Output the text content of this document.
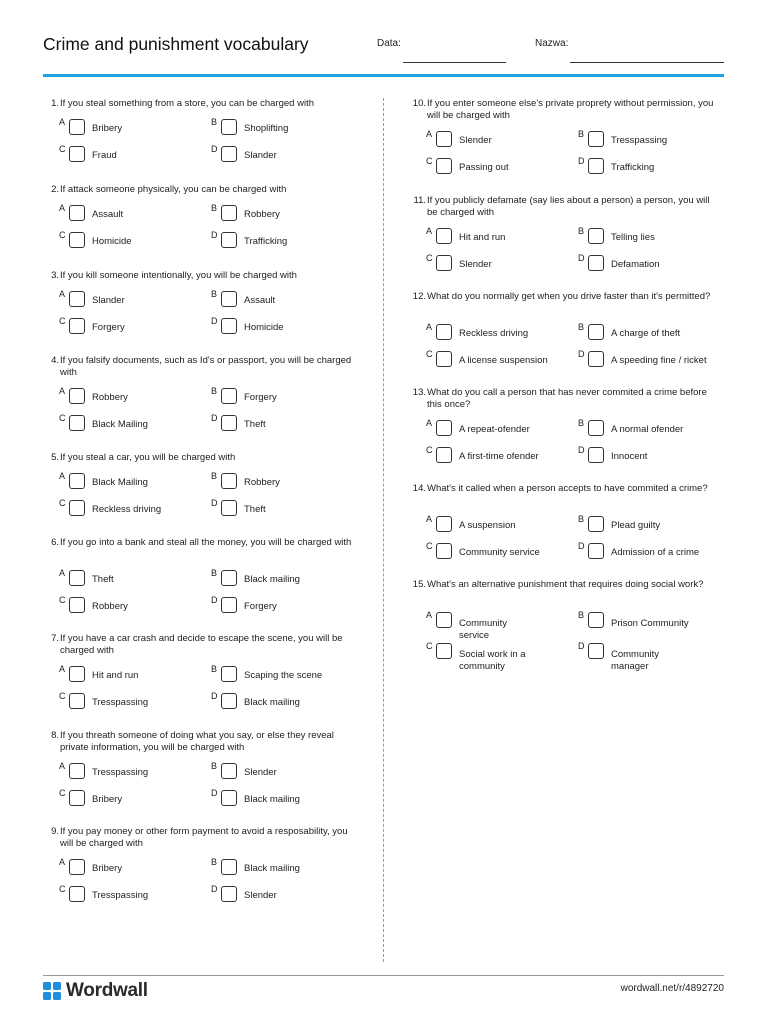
Crime and punishment vocabulary	Data:	Nazwa:
1. If you steal something from a store, you can be charged with
A
Bribery
B
Shoplifting
C
Fraud
D
Slander
2. If attack someone physically, you can be charged with
A
Assault
B
Robbery
C
Homicide
D
Trafficking
3. If you kill someone intentionally, you will be charged with
A
Slander
B
Assault
C
Forgery
D
Homicide
4. If you falsify documents, such as Id's or passport, you will be charged with
A
Robbery
B
Forgery
C
Black Mailing
D
Theft
5. If you steal a car, you will be charged with
A
Black Mailing
B
Robbery
C
Reckless driving
D
Theft
6. If you go into a bank and steal all the money, you will be charged with
A
Theft
B
Black mailing
C
Robbery
D
Forgery
7. If you have a car crash and decide to escape the scene, you will be charged with
A
Hit and run
B
Scaping the scene
C
Tresspassing
D
Black mailing
8. If you threath someone of doing what you say, or else they reveal private information, you will be charged with
A
Tresspassing
B
Slender
C
Bribery
D
Black mailing
9. If you pay money or other form payment to avoid a resposability, you will be charged with
A
Bribery
B
Black mailing
C
Tresspassing
D
Slender
10. If you enter someone else's private proprety without permission, you will be charged with
A
Slender
B
Tresspassing
C
Passing out
D
Trafficking
11. If you publicly defamate (say lies about a person) a person, you will be charged with
A
Hit and run
B
Telling lies
C
Slender
D
Defamation
12. What do you normally get when you drive faster than it's permitted?
A
Reckless driving
B
A charge of theft
C
A license suspension
D
A speeding fine / ricket
13. What do you call a person that has never commited a crime before this once?
A
A repeat-ofender
B
A normal ofender
C
A first-time ofender
D
Innocent
14. What's it called when a person accepts to have commited a crime?
A
A suspension
B
Plead guilty
C
Community service
D
Admission of a crime
15. What's an alternative punishment that requires doing social work?
A
Community service
B
Prison Community
C
Social work in a community
D
Community manager
Wordwall	wordwall.net/r/4892720
